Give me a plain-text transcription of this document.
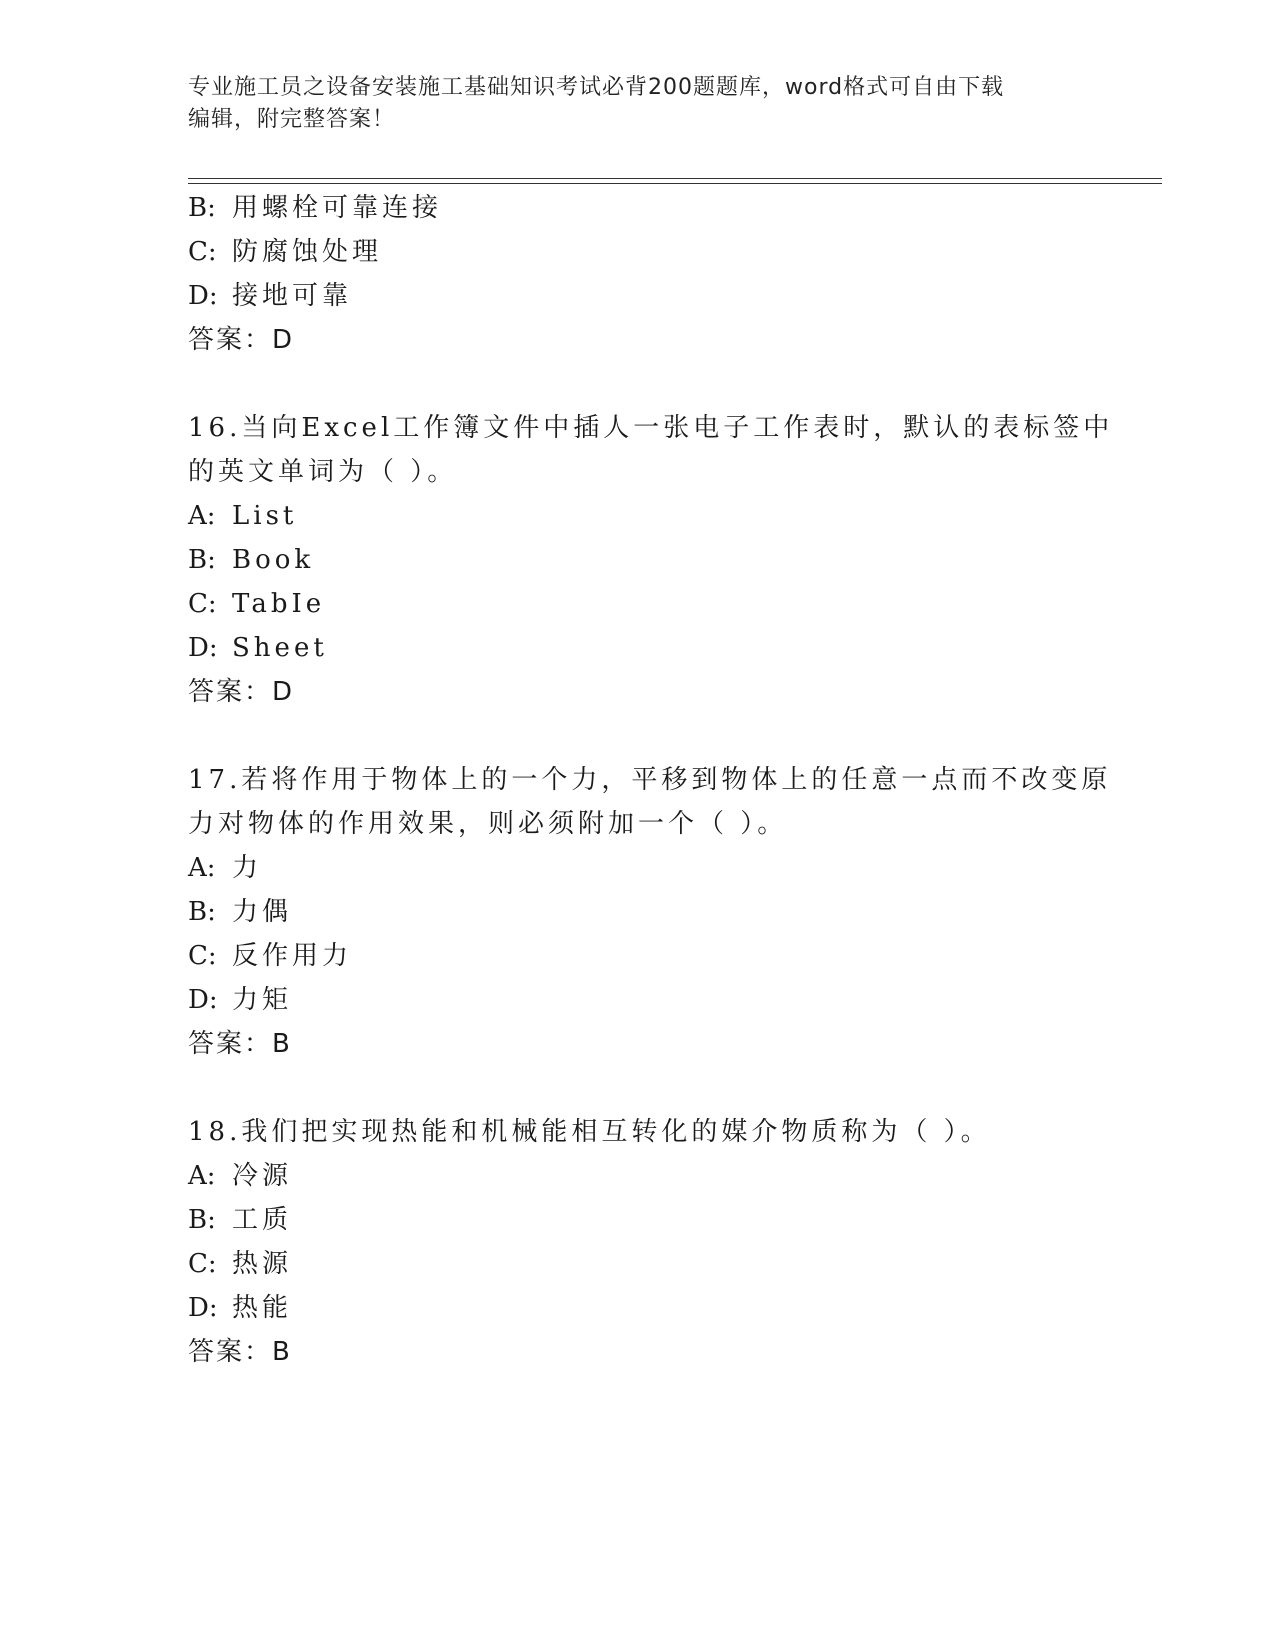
专业施工员之设备安装施工基础知识考试必背200题题库，word格式可自由下载
编辑，附完整答案！
B: 用螺栓可靠连接
C: 防腐蚀处理
D: 接地可靠
答案：D
16.当向Excel工作簿文件中插人一张电子工作表时，默认的表标签中
的英文单词为（ ）。
A: List
B: Book
C: TabIe
D: Sheet
答案：D
17.若将作用于物体上的一个力，平移到物体上的任意一点而不改变原
力对物体的作用效果，则必须附加一个（ ）。
A: 力
B: 力偶
C: 反作用力
D: 力矩
答案：B
18.我们把实现热能和机械能相互转化的媒介物质称为（ ）。
A: 冷源
B: 工质
C: 热源
D: 热能
答案：B
